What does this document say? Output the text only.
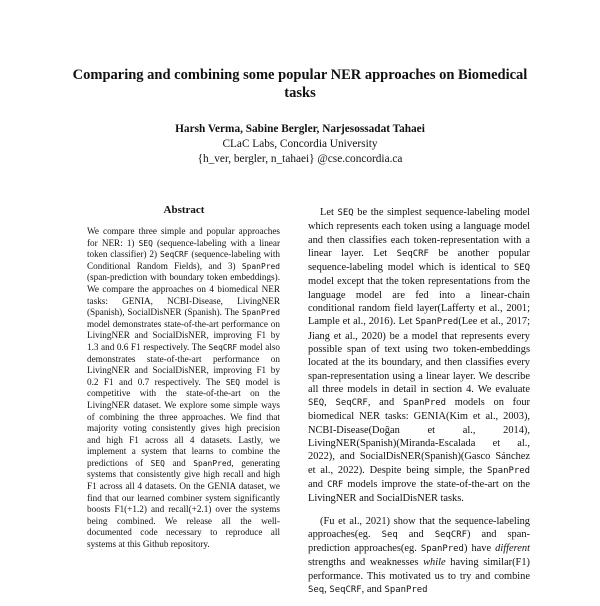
Comparing and combining some popular NER approaches on Biomedical
tasks
Harsh Verma, Sabine Bergler, Narjesossadat Tahaei
CLaC Labs, Concordia University
{h_ver, bergler, n_tahaei} @cse.concordia.ca
Abstract

We compare three simple and popular approaches for NER: 1) SEQ (sequence-labeling with a linear token classifier) 2) SeqCRF (sequence-labeling with Conditional Random Fields), and 3) SpanPred (span-prediction with boundary token embeddings). We compare the approaches on 4 biomedical NER tasks: GENIA, NCBI-Disease, LivingNER (Spanish), SocialDisNER (Spanish). The SpanPred model demonstrates state-of-the-art performance on LivingNER and SocialDisNER, improving F1 by 1.3 and 0.6 F1 respectively. The SeqCRF model also demonstrates state-of-the-art performance on LivingNER and SocialDisNER, improving F1 by 0.2 F1 and 0.7 respectively. The SEQ model is competitive with the state-of-the-art on the LivingNER dataset. We explore some simple ways of combining the three approaches. We find that majority voting consistently gives high precision and high F1 across all 4 datasets. Lastly, we implement a system that learns to combine the predictions of SEQ and SpanPred, generating systems that consistently give high recall and high F1 across all 4 datasets. On the GENIA dataset, we find that our learned combiner system significantly boosts F1(+1.2) and recall(+2.1) over the systems being combined. We release all the well-documented code necessary to reproduce all systems at this Github repository.

Let SEQ be the simplest sequence-labeling model which represents each token using a language model and then classifies each token-representation with a linear layer. Let SeqCRF be another popular sequence-labeling model which is identical to SEQ model except that the token representations from the language model are fed into a linear-chain conditional random field layer(Lafferty et al., 2001; Lample et al., 2016). Let SpanPred(Lee et al., 2017; Jiang et al., 2020) be a model that represents every possible span of text using two token-embeddings located at the its boundary, and then classifies every span-representation using a linear layer. We describe all three models in detail in section 4. We evaluate SEQ, SeqCRF, and SpanPred models on four biomedical NER tasks: GENIA(Kim et al., 2003), NCBI-Disease(Doğan et al., 2014), LivingNER(Spanish)(Miranda-Escalada et al., 2022), and SocialDisNER(Spanish)(Gasco Sánchez et al., 2022). Despite being simple, the SpanPred and CRF models improve the state-of-the-art on the LivingNER and SocialDisNER tasks.

(Fu et al., 2021) show that the sequence-labeling approaches(eg. Seq and SeqCRF) and span-prediction approaches(eg. SpanPred) have different strengths and weaknesses while having similar(F1) performance. This motivated us to try and combine Seq, SeqCRF, and SpanPred
